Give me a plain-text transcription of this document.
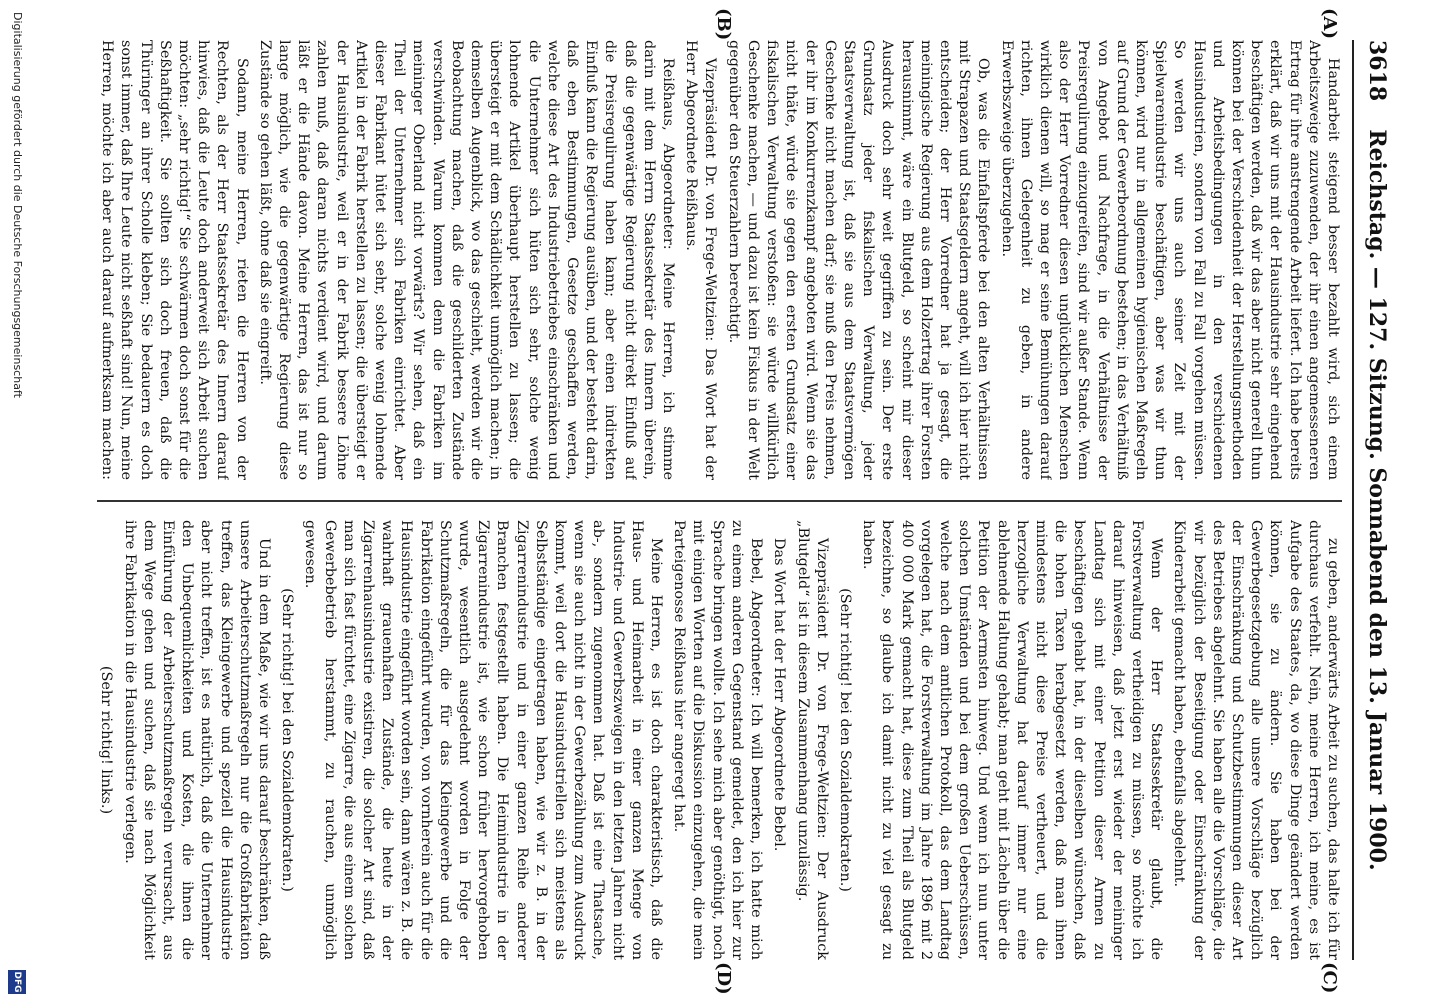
3618
Reichstag. — 127. Sitzung. Sonnabend den 13. Januar 1900.
(A)
(B)
(C)
(D)

Handarbeit steigend besser bezahlt wird, sich einem Arbeitszweige zuzuwenden, der ihr einen angemesseneren Ertrag für ihre anstrengende Arbeit liefert. Ich habe bereits erklärt, daß wir uns mit der Hausindustrie sehr eingehend beschäftigen werden, daß wir das aber nicht generell thun können bei der Verschiedenheit der Herstellungsmethoden und Arbeitsbedingungen in den verschiedenen Hausindustrien, sondern von Fall zu Fall vorgehen müssen. So werden wir uns auch seiner Zeit mit der Spielwarenindustrie beschäftigen, aber was wir thun können, wird nur in allgemeinen hygienischen Maßregeln auf Grund der Gewerbeordnung bestehen; in das Verhältniß von Angebot und Nachfrage, in die Verhältnisse der Preisregulirung einzugreifen, sind wir außer Stande. Wenn also der Herr Vorredner diesen unglücklichen Menschen wirklich dienen will, so mag er seine Bemühungen darauf richten, ihnen Gelegenheit zu geben, in andere Erwerbszweige überzugehen.

Ob, was die Einfaltspferde bei den alten Verhältnissen mit Strapazen und Staatsgeldern angeht, will ich hier nicht entscheiden; der Herr Vorredner hat ja gesagt, die meiningische Regierung aus dem Holzertrag ihrer Forsten herausnimmt, wäre ein Blutgeld, so scheint mir dieser Ausdruck doch sehr weit gegriffen zu sein. Der erste Grundsatz jeder fiskalischen Verwaltung, jeder Staatsverwaltung ist, daß sie aus dem Staatsvermögen Geschenke nicht machen darf; sie muß den Preis nehmen, der ihr im Konkurrenzkampf angeboten wird. Wenn sie das nicht thäte, würde sie gegen den ersten Grundsatz einer fiskalischen Verwaltung verstoßen: sie würde willkürlich Geschenke machen, — und dazu ist kein Fiskus in der Welt gegenüber den Steuerzahlern berechtigt.

Vizepräsident Dr. von Frege-Weltzien: Das Wort hat der Herr Abgeordnete Reißhaus.

Reißhaus, Abgeordneter: Meine Herren, ich stimme darin mit dem Herrn Staatssekretär des Innern überein, daß die gegenwärtige Regierung nicht direkt Einfluß auf die Preisregulirung haben kann; aber einen indirekten Einfluß kann die Regierung ausüben, und der besteht darin, daß eben Bestimmungen, Gesetze geschaffen werden, welche diese Art des Industriebetriebes einschränken und die Unternehmer sich hüten sich sehr, solche wenig lohnende Artikel überhaupt herstellen zu lassen; die übersteigt er mit dem Schädlichkeit unmöglich machen; in demselben Augenblick, wo das geschieht, werden wir die Beobachtung machen, daß die geschilderten Zustände verschwinden. Warum kommen denn die Fabriken im meininger Oberland nicht vorwärts? Wir sehen, daß ein Theil der Unternehmer sich Fabriken einrichtet. Aber dieser Fabrikant hütet sich sehr, solche wenig lohnende Artikel in der Fabrik herstellen zu lassen; die übersteigt er der Hausindustrie, weil er in der Fabrik bessere Löhne zahlen muß, daß daran nichts verdient wird, und darum läßt er die Hände davon. Meine Herren, das ist nur so lange möglich, wie die gegenwärtige Regierung diese Zustände so gehen läßt, ohne daß sie eingreift.

Sodann, meine Herren, rieten die Herren von der Rechten, als der Herr Staatssekretär des Innern darauf hinwies, daß die Leute doch anderweit sich Arbeit suchen möchten: „sehr richtig!“ Sie schwärmen doch sonst für die Seßhaftigkeit. Sie sollten sich doch freuen, daß die Thüringer an ihrer Scholle kleben; Sie bedauern es doch sonst immer, daß Ihre Leute nicht seßhaft sind! Nun, meine Herren, möchte ich aber auch darauf aufmerksam machen:

zu geben, anderwärts Arbeit zu suchen, das halte ich für durchaus verfehlt. Nein, meine Herren, ich meine, es ist Aufgabe des Staates, da, wo diese Dinge geändert werden können, sie zu ändern. Sie haben bei der Gewerbegesetzgebung alle unsere Vorschläge bezüglich der Einschränkung und Schutzbestimmungen dieser Art des Betriebes abgelehnt. Sie haben alle die Vorschläge, die wir bezüglich der Beseitigung oder Einschränkung der Kinderarbeit gemacht haben, ebenfalls abgelehnt.

Wenn der Herr Staatssekretär glaubt, die Forstverwaltung vertheidigen zu müssen, so möchte ich darauf hinweisen, daß jetzt erst wieder der meininger Landtag sich mit einer Petition dieser Armen zu beschäftigen gehabt hat, in der dieselben wünschen, daß die hohen Taxen herabgesetzt werden, daß man ihnen mindestens nicht diese Preise vertheuert, und die herzogliche Verwaltung hat darauf immer nur eine ablehnende Haltung gehabt; man geht mit Lächeln über die Petition der Aermsten hinweg. Und wenn ich nun unter solchen Umständen und bei dem großen Ueberschüssen, welche nach dem amtlichen Protokoll, das dem Landtag vorgelegen hat, die Forstverwaltung im Jahre 1896 mit 2 400 000 Mark gemacht hat, diese zum Theil als Blutgeld bezeichne, so glaube ich damit nicht zu viel gesagt zu haben.

(Sehr richtig! bei den Sozialdemokraten.)

Vizepräsident Dr. von Frege-Weltzien: Der Ausdruck „Blutgeld“ ist in diesem Zusammenhang unzulässig.

Das Wort hat der Herr Abgeordnete Bebel.

Bebel, Abgeordneter: Ich will bemerken, ich hatte mich zu einem anderen Gegenstand gemeldet, den ich hier zur Sprache bringen wollte. Ich sehe mich aber genöthigt, noch mit einigen Worten auf die Diskussion einzugehen, die mein Parteigenosse Reißhaus hier angeregt hat.

Meine Herren, es ist doch charakteristisch, daß die Haus- und Heimarbeit in einer ganzen Menge von Industrie- und Gewerbszweigen in den letzten Jahren nicht ab-, sondern zugenommen hat. Daß ist eine Thatsache, wenn sie auch nicht in der Gewerbezählung zum Ausdruck kommt, weil dort die Hausindustriellen sich meistens als Selbstständige eingetragen haben, wie wir z. B. in der Zigarrenindustrie und in einer ganzen Reihe anderer Branchen festgestellt haben. Die Heimindustrie in der Zigarrenindustrie ist, wie schon früher hervorgehoben wurde, wesentlich ausgedehnt worden in Folge der Schutzmaßregeln, die für das Kleingewerbe und die Fabrikation eingeführt wurden, von vornherein auch für die Hausindustrie eingeführt worden sein, dann wären z. B. die wahrhaft grauenhaften Zustände, die heute in der Zigarrenhausindustrie existiren, die solcher Art sind, daß man sich fast fürchtet, eine Zigarre, die aus einem solchen Gewerbebetrieb herstammt, zu rauchen, unmöglich gewesen.

(Sehr richtig! bei den Sozialdemokraten.)

Und in dem Maße, wie wir uns darauf beschränken, daß unsere Arbeiterschutzmaßregeln nur die Großfabrikation treffen, das Kleingewerbe und speziell die Hausindustrie aber nicht treffen, ist es natürlich, daß die Unternehmer den Unbequemlichkeiten und Kosten, die ihnen die Einführung der Arbeiterschutzmaßregeln verursacht, aus dem Wege gehen und suchen, daß sie nach Möglichkeit ihre Fabrikation in die Hausindustrie verlegen.

(Sehr richtig! links.)

Digitalisierung gefördert durch die Deutsche Forschungsgemeinschaft
DFG
